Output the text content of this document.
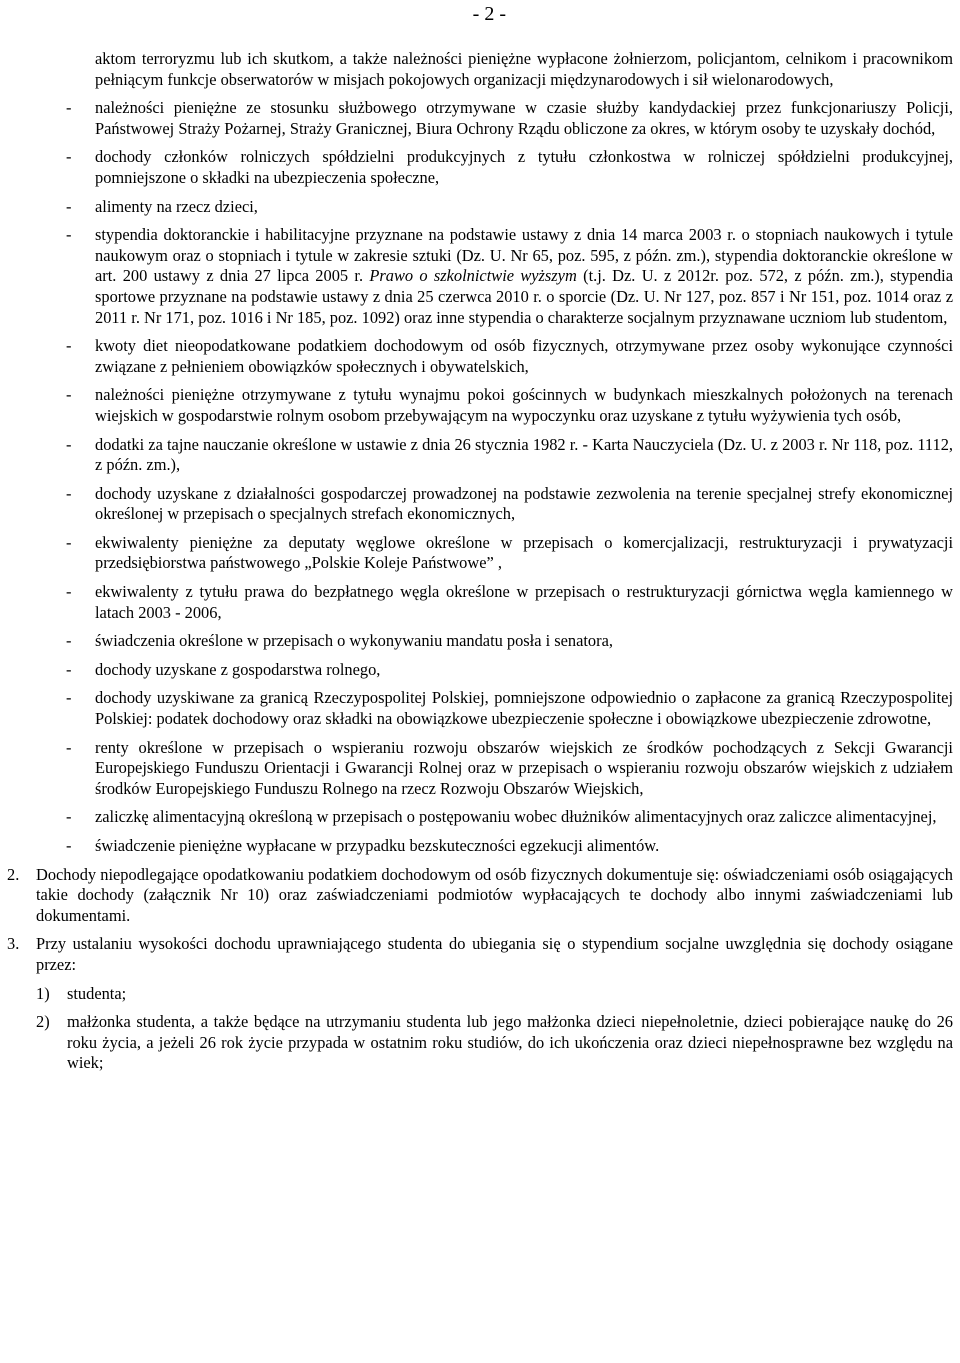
- 2 -
aktom terroryzmu lub ich skutkom, a także należności pieniężne wypłacone żołnierzom, policjantom, celnikom i pracownikom pełniącym funkcje obserwatorów w misjach pokojowych organizacji międzynarodowych i sił wielonarodowych,
- należności pieniężne ze stosunku służbowego otrzymywane w czasie służby kandydackiej przez funkcjonariuszy Policji, Państwowej Straży Pożarnej, Straży Granicznej, Biura Ochrony Rządu obliczone za okres, w którym osoby te uzyskały dochód,
- dochody członków rolniczych spółdzielni produkcyjnych z tytułu członkostwa w rolniczej spółdzielni produkcyjnej, pomniejszone o składki na ubezpieczenia społeczne,
- alimenty na rzecz dzieci,
- stypendia doktoranckie i habilitacyjne przyznane na podstawie ustawy z dnia 14 marca 2003 r. o stopniach naukowych i tytule naukowym oraz o stopniach i tytule w zakresie sztuki (Dz. U. Nr 65, poz. 595, z późn. zm.), stypendia doktoranckie określone w art. 200 ustawy z dnia 27 lipca 2005 r. Prawo o szkolnictwie wyższym (t.j. Dz. U. z 2012r. poz. 572, z późn. zm.), stypendia sportowe przyznane na podstawie ustawy z dnia 25 czerwca 2010 r. o sporcie (Dz. U. Nr 127, poz. 857 i Nr 151, poz. 1014 oraz z 2011 r. Nr 171, poz. 1016 i Nr 185, poz. 1092) oraz inne stypendia o charakterze socjalnym przyznawane uczniom lub studentom,
- kwoty diet nieopodatkowane podatkiem dochodowym od osób fizycznych, otrzymywane przez osoby wykonujące czynności związane z pełnieniem obowiązków społecznych i obywatelskich,
- należności pieniężne otrzymywane z tytułu wynajmu pokoi gościnnych w budynkach mieszkalnych położonych na terenach wiejskich w gospodarstwie rolnym osobom przebywającym na wypoczynku oraz uzyskane z tytułu wyżywienia tych osób,
- dodatki za tajne nauczanie określone w ustawie z dnia 26 stycznia 1982 r. - Karta Nauczyciela (Dz. U. z 2003 r. Nr 118, poz. 1112, z późn. zm.),
- dochody uzyskane z działalności gospodarczej prowadzonej na podstawie zezwolenia na terenie specjalnej strefy ekonomicznej określonej w przepisach o specjalnych strefach ekonomicznych,
- ekwiwalenty pieniężne za deputaty węglowe określone w przepisach o komercjalizacji, restrukturyzacji i prywatyzacji przedsiębiorstwa państwowego „Polskie Koleje Państwowe” ,
- ekwiwalenty z tytułu prawa do bezpłatnego węgla określone w przepisach o restrukturyzacji górnictwa węgla kamiennego w latach 2003 - 2006,
- świadczenia określone w przepisach o wykonywaniu mandatu posła i senatora,
- dochody uzyskane z gospodarstwa rolnego,
- dochody uzyskiwane za granicą Rzeczypospolitej Polskiej, pomniejszone odpowiednio o zapłacone za granicą Rzeczypospolitej Polskiej: podatek dochodowy oraz składki na obowiązkowe ubezpieczenie społeczne i obowiązkowe ubezpieczenie zdrowotne,
- renty określone w przepisach o wspieraniu rozwoju obszarów wiejskich ze środków pochodzących z Sekcji Gwarancji Europejskiego Funduszu Orientacji i Gwarancji Rolnej oraz w przepisach o wspieraniu rozwoju obszarów wiejskich z udziałem środków Europejskiego Funduszu Rolnego na rzecz Rozwoju Obszarów Wiejskich,
- zaliczkę alimentacyjną określoną w przepisach o postępowaniu wobec dłużników alimentacyjnych oraz zaliczce alimentacyjnej,
- świadczenie pieniężne wypłacane w przypadku bezskuteczności egzekucji alimentów.
2. Dochody niepodlegające opodatkowaniu podatkiem dochodowym od osób fizycznych dokumentuje się: oświadczeniami osób osiągających takie dochody (załącznik Nr 10) oraz zaświadczeniami podmiotów wypłacających te dochody albo innymi zaświadczeniami lub dokumentami.
3. Przy ustalaniu wysokości dochodu uprawniającego studenta do ubiegania się o stypendium socjalne uwzględnia się dochody osiągane przez:
1) studenta;
2) małżonka studenta, a także będące na utrzymaniu studenta lub jego małżonka dzieci niepełnoletnie, dzieci pobierające naukę do 26 roku życia, a jeżeli 26 rok życie przypada w ostatnim roku studiów, do ich ukończenia oraz dzieci niepełnosprawne bez względu na wiek;
